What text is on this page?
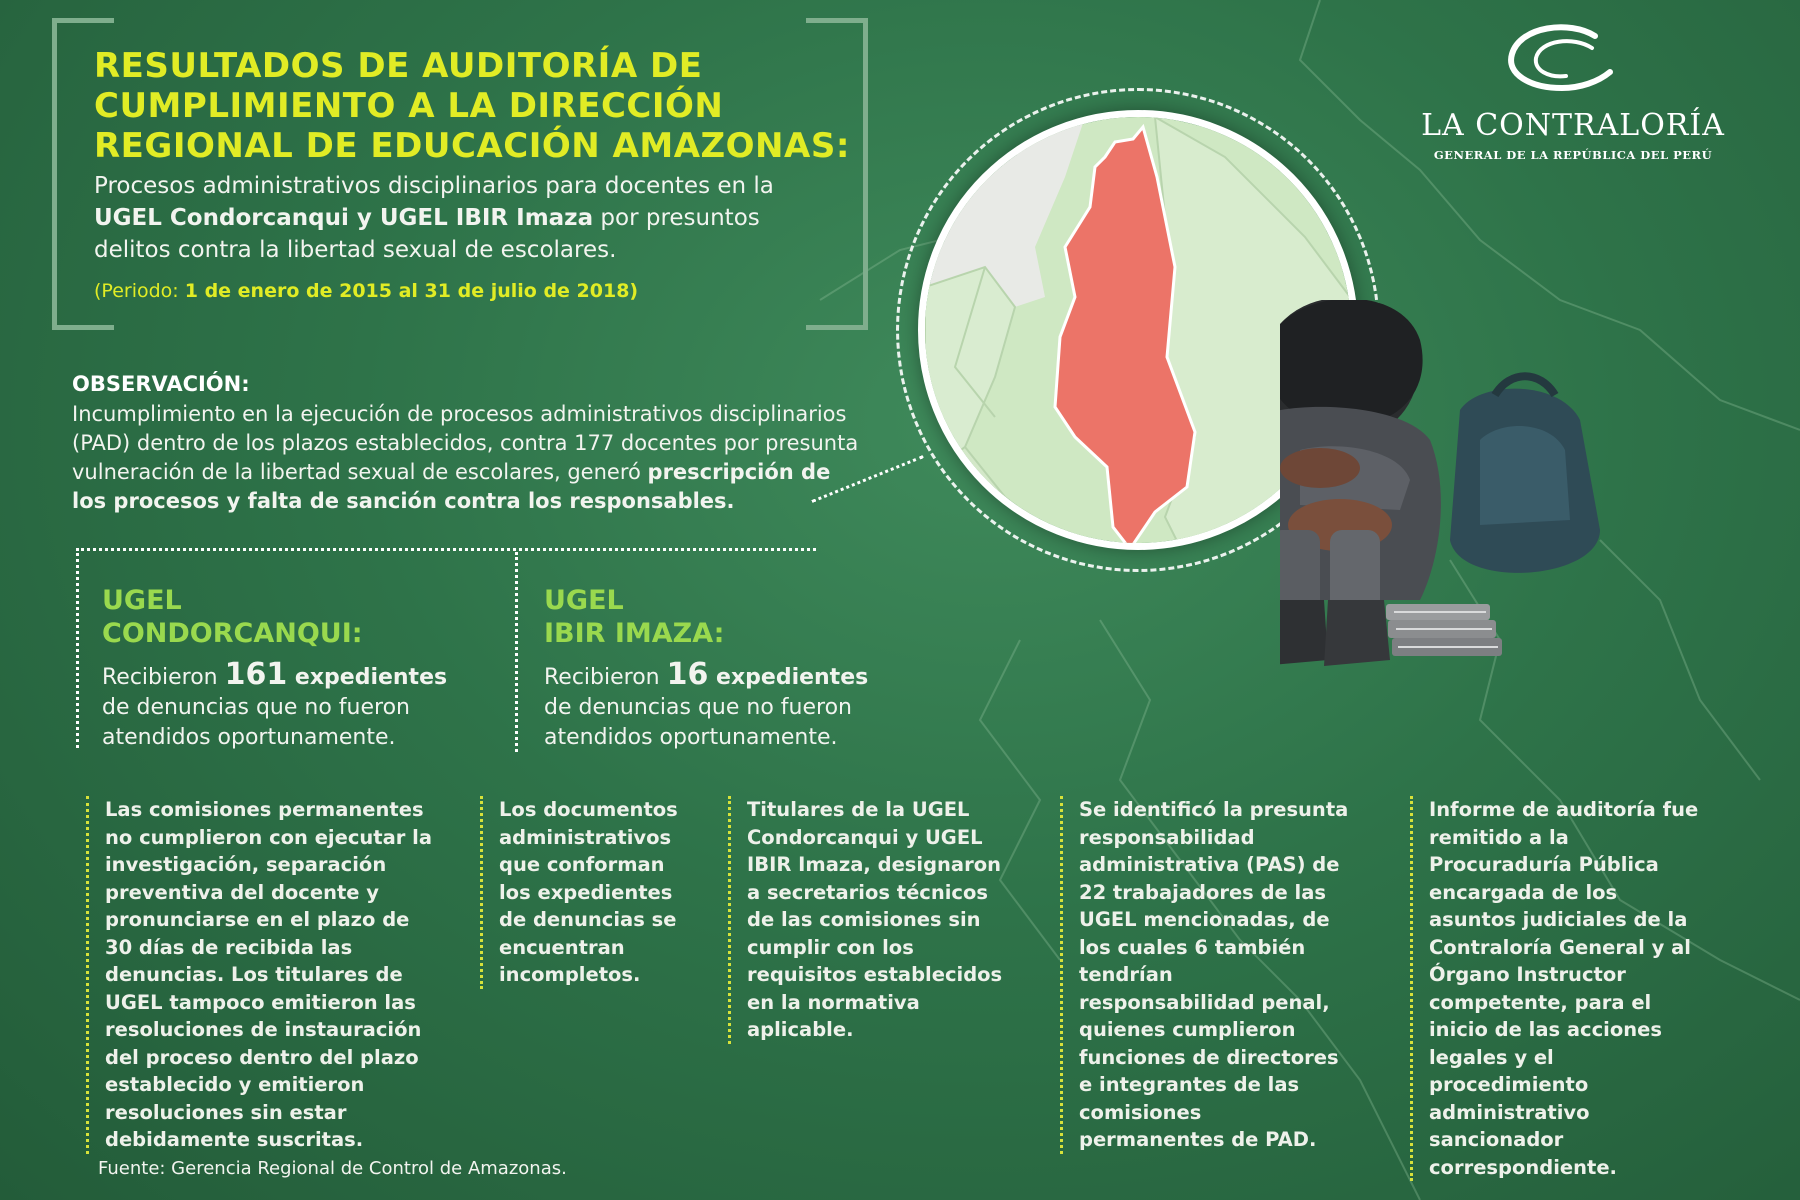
RESULTADOS DE AUDITORÍA DE
CUMPLIMIENTO A LA DIRECCIÓN
REGIONAL DE EDUCACIÓN AMAZONAS:
Procesos administrativos disciplinarios para docentes en la UGEL Condorcanqui y UGEL IBIR Imaza por presuntos delitos contra la libertad sexual de escolares.
(Periodo: 1 de enero de 2015 al 31 de julio de 2018)
LA CONTRALORÍA
GENERAL DE LA REPÚBLICA DEL PERÚ
OBSERVACIÓN:
Incumplimiento en la ejecución de procesos administrativos disciplinarios (PAD) dentro de los plazos establecidos, contra 177 docentes por presunta vulneración de la libertad sexual de escolares, generó prescripción de los procesos y falta de sanción contra los responsables.
UGEL
CONDORCANQUI:
Recibieron 161 expedientes
de denuncias que no fueron atendidos oportunamente.
UGEL
IBIR IMAZA:
Recibieron 16 expedientes
de denuncias que no fueron atendidos oportunamente.
Las comisiones permanentes no cumplieron con ejecutar la investigación, separación preventiva del docente y pronunciarse en el plazo de 30 días de recibida las denuncias. Los titulares de UGEL tampoco emitieron las resoluciones de instauración del proceso dentro del plazo establecido y emitieron resoluciones sin estar debidamente suscritas.
Los documentos administrativos que conforman los expedientes de denuncias se encuentran incompletos.
Titulares de la UGEL Condorcanqui y UGEL IBIR Imaza, designaron a secretarios técnicos de las comisiones sin cumplir con los requisitos establecidos en la normativa aplicable.
Se identificó la presunta responsabilidad administrativa (PAS) de 22 trabajadores de las UGEL mencionadas, de los cuales 6 también tendrían responsabilidad penal, quienes cumplieron funciones de directores e integrantes de las comisiones permanentes de PAD.
Informe de auditoría fue remitido a la Procuraduría Pública encargada de los asuntos judiciales de la Contraloría General y al Órgano Instructor competente, para el inicio de las acciones legales y el procedimiento administrativo sancionador correspondiente.
Fuente: Gerencia Regional de Control de Amazonas.
